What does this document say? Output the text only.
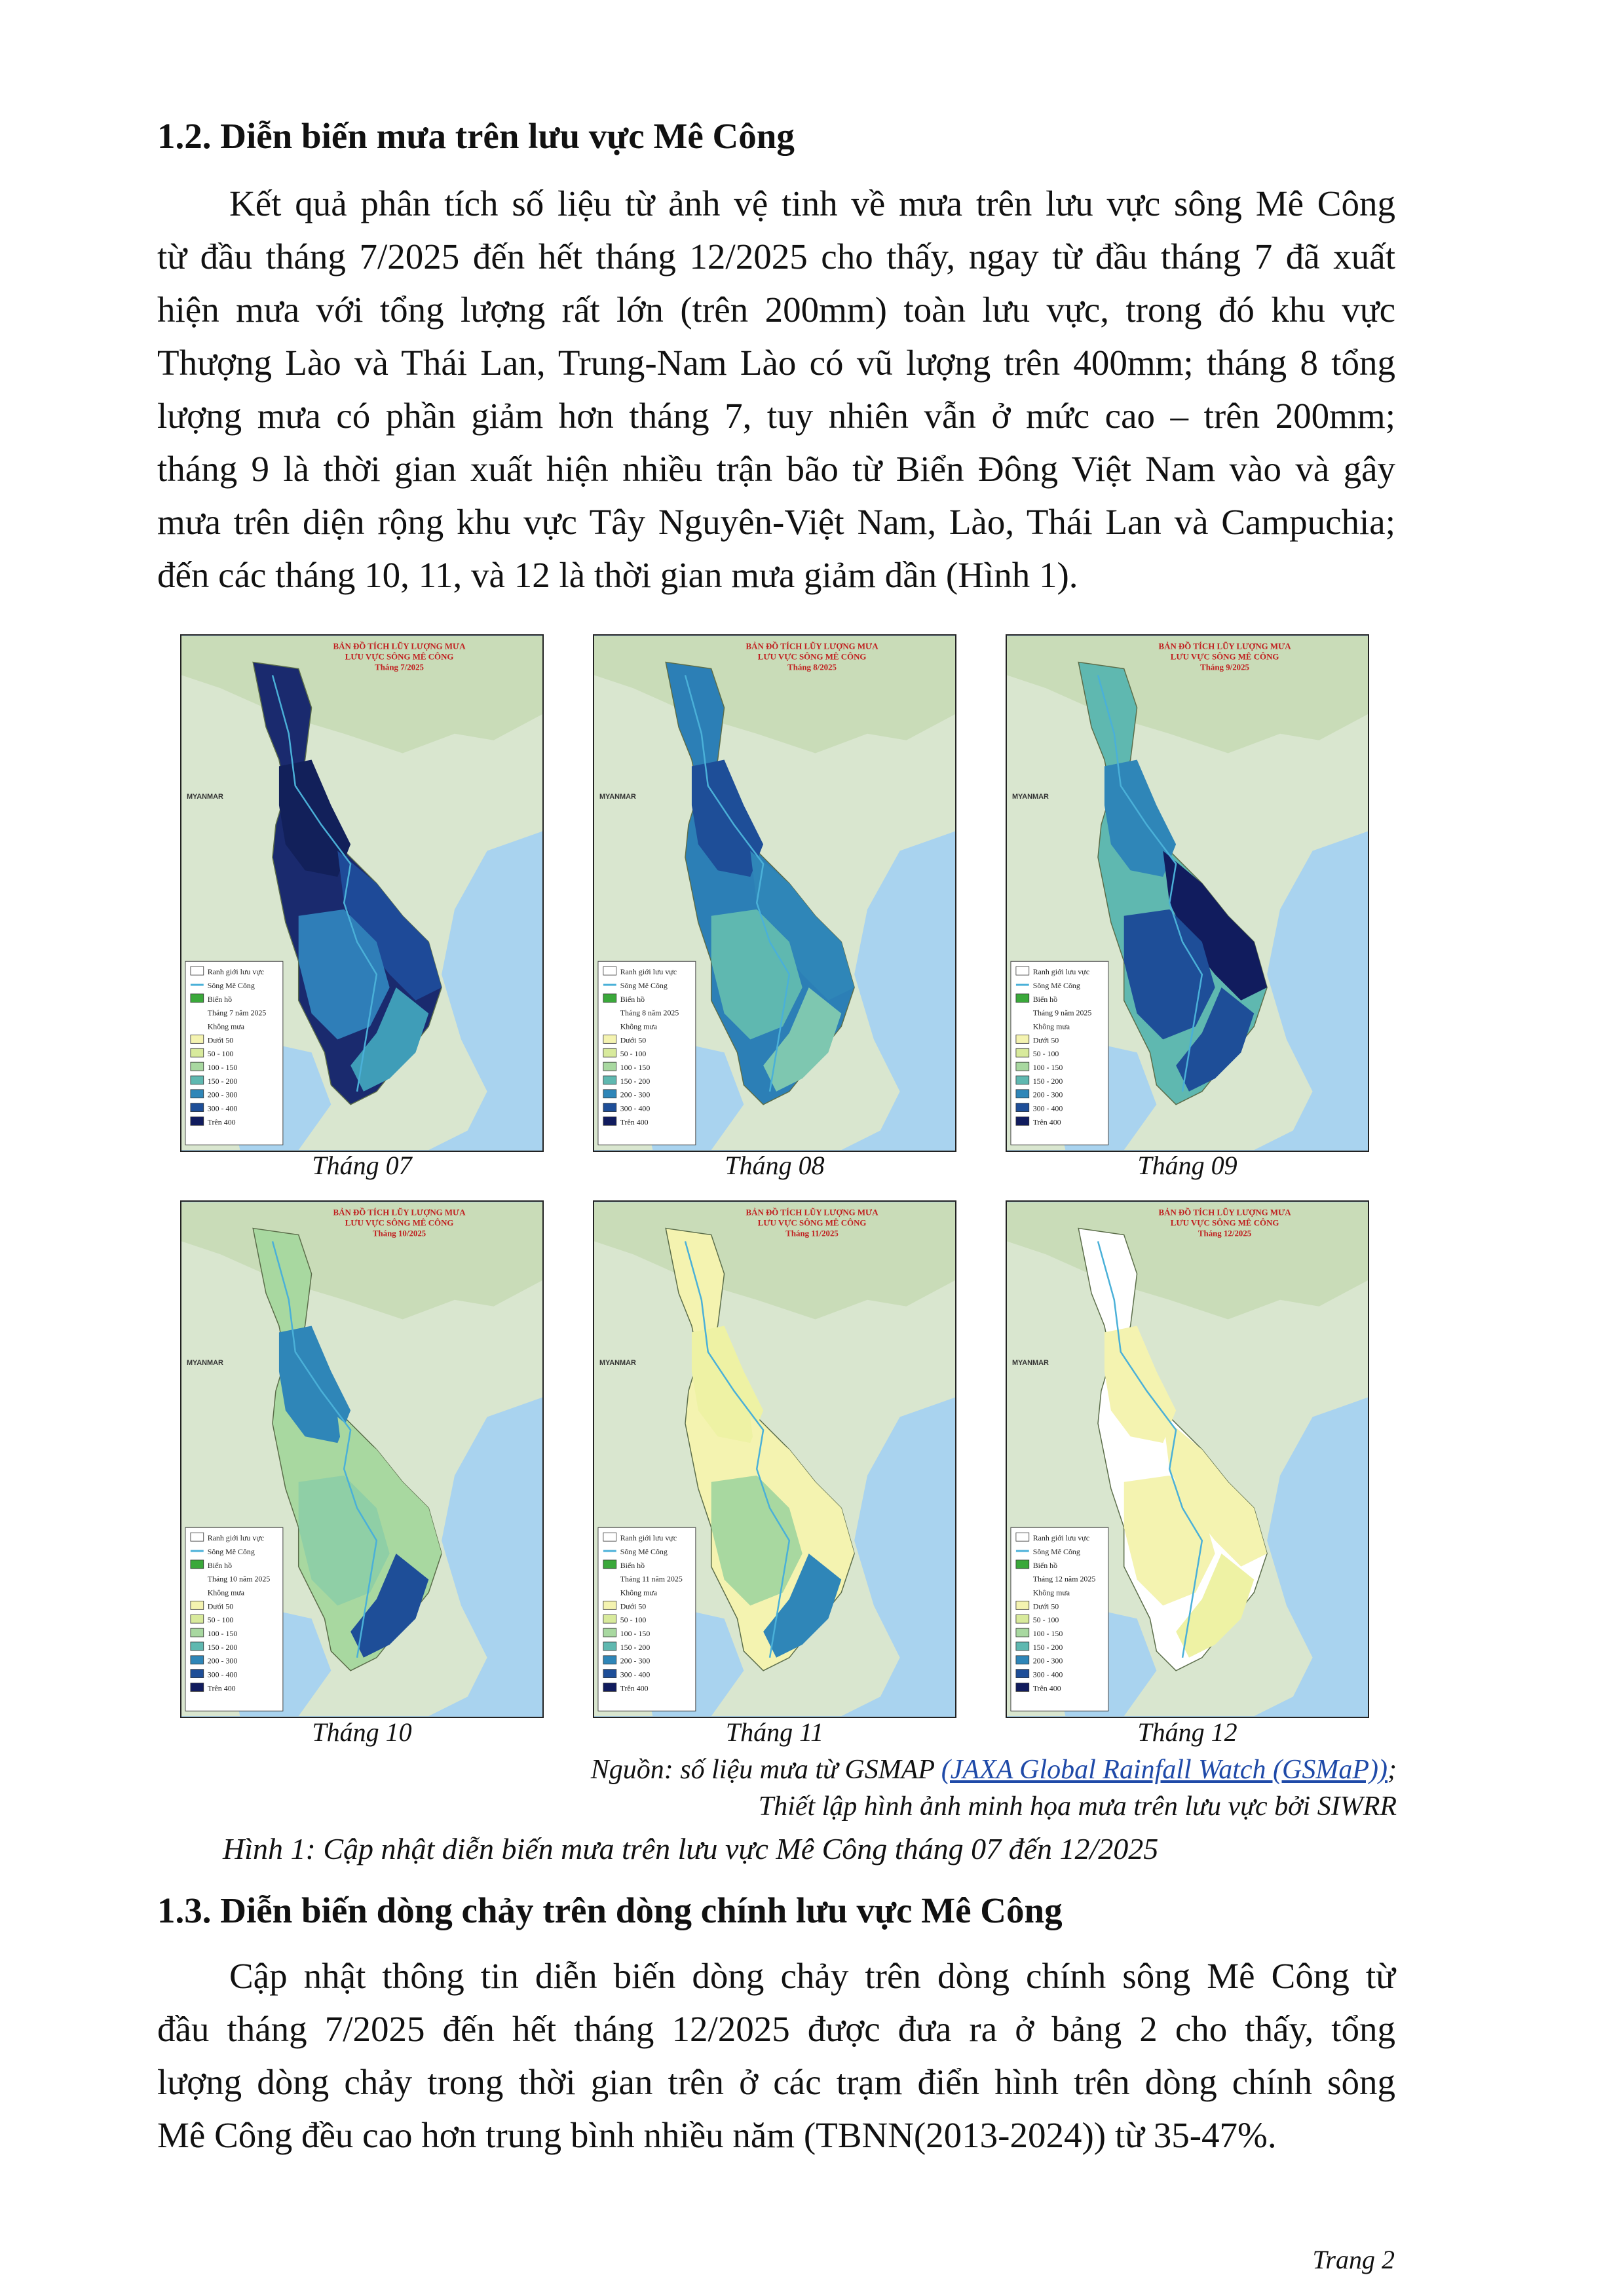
1.2. Diễn biến mưa trên lưu vực Mê Công
Kết quả phân tích số liệu từ ảnh vệ tinh về mưa trên lưu vực sông Mê Công
từ đầu tháng 7/2025 đến hết tháng 12/2025 cho thấy, ngay từ đầu tháng 7 đã xuất
hiện mưa với tổng lượng rất lớn (trên 200mm) toàn lưu vực, trong đó khu vực
Thượng Lào và Thái Lan, Trung-Nam Lào có vũ lượng trên 400mm; tháng 8 tổng
lượng mưa có phần giảm hơn tháng 7, tuy nhiên vẫn ở mức cao – trên 200mm;
tháng 9 là thời gian xuất hiện nhiều trận bão từ Biển Đông Việt Nam vào và gây
mưa trên diện rộng khu vực Tây Nguyên-Việt Nam, Lào, Thái Lan và Campuchia;
đến các tháng 10, 11, và 12 là thời gian mưa giảm dần (Hình 1).
BẢN ĐỒ TÍCH LŨY LƯỢNG MƯA
LƯU VỰC SÔNG MÊ CÔNG
Tháng 7/2025
MYANMAR
Ranh giới lưu vực
Sông Mê Công
Biển hồ
Tháng 7 năm 2025
Không mưa
Dưới 50
50 - 100
100 - 150
150 - 200
200 - 300
300 - 400
Trên 400
Tháng 07
BẢN ĐỒ TÍCH LŨY LƯỢNG MƯA
LƯU VỰC SÔNG MÊ CÔNG
Tháng 8/2025
MYANMAR
Ranh giới lưu vực
Sông Mê Công
Biển hồ
Tháng 8 năm 2025
Không mưa
Dưới 50
50 - 100
100 - 150
150 - 200
200 - 300
300 - 400
Trên 400
Tháng 08
BẢN ĐỒ TÍCH LŨY LƯỢNG MƯA
LƯU VỰC SÔNG MÊ CÔNG
Tháng 9/2025
MYANMAR
Ranh giới lưu vực
Sông Mê Công
Biển hồ
Tháng 9 năm 2025
Không mưa
Dưới 50
50 - 100
100 - 150
150 - 200
200 - 300
300 - 400
Trên 400
Tháng 09
BẢN ĐỒ TÍCH LŨY LƯỢNG MƯA
LƯU VỰC SÔNG MÊ CÔNG
Tháng 10/2025
MYANMAR
Ranh giới lưu vực
Sông Mê Công
Biển hồ
Tháng 10 năm 2025
Không mưa
Dưới 50
50 - 100
100 - 150
150 - 200
200 - 300
300 - 400
Trên 400
Tháng 10
BẢN ĐỒ TÍCH LŨY LƯỢNG MƯA
LƯU VỰC SÔNG MÊ CÔNG
Tháng 11/2025
MYANMAR
Ranh giới lưu vực
Sông Mê Công
Biển hồ
Tháng 11 năm 2025
Không mưa
Dưới 50
50 - 100
100 - 150
150 - 200
200 - 300
300 - 400
Trên 400
Tháng 11
BẢN ĐỒ TÍCH LŨY LƯỢNG MƯA
LƯU VỰC SÔNG MÊ CÔNG
Tháng 12/2025
MYANMAR
Ranh giới lưu vực
Sông Mê Công
Biển hồ
Tháng 12 năm 2025
Không mưa
Dưới 50
50 - 100
100 - 150
150 - 200
200 - 300
300 - 400
Trên 400
Tháng 12
Nguồn: số liệu mưa từ GSMAP (JAXA Global Rainfall Watch (GSMaP));
Thiết lập hình ảnh minh họa mưa trên lưu vực bởi SIWRR
Hình 1: Cập nhật diễn biến mưa trên lưu vực Mê Công tháng 07 đến 12/2025
1.3. Diễn biến dòng chảy trên dòng chính lưu vực Mê Công
Cập nhật thông tin diễn biến dòng chảy trên dòng chính sông Mê Công từ
đầu tháng 7/2025 đến hết tháng 12/2025 được đưa ra ở bảng 2 cho thấy, tổng
lượng dòng chảy trong thời gian trên ở các trạm điển hình trên dòng chính sông
Mê Công đều cao hơn trung bình nhiều năm (TBNN(2013-2024)) từ 35-47%.
Trang 2
